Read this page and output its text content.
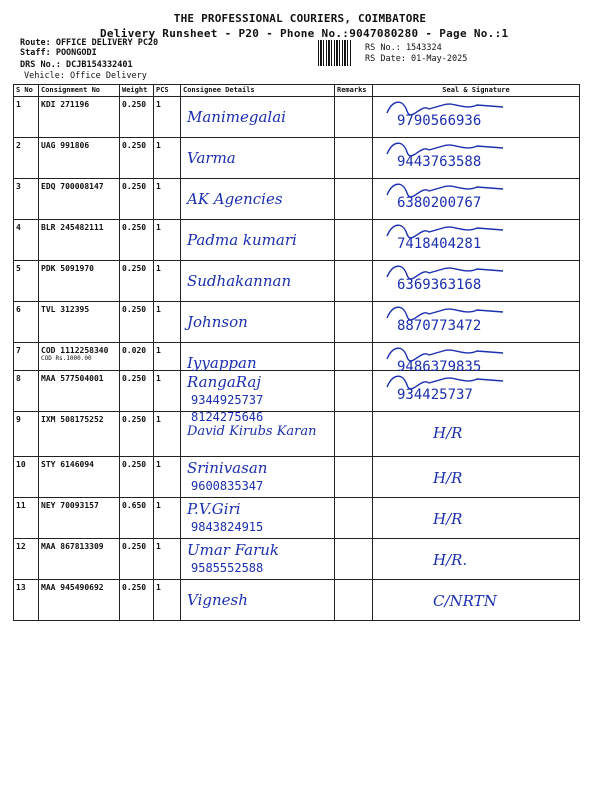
THE PROFESSIONAL COURIERS, COIMBATORE
Delivery Runsheet - P20 - Phone No.:9047080280 - Page No.:1
Route: OFFICE DELIVERY PC20
Staff: POONGODI
DRS No.: DCJB154332401
Vehicle: Office Delivery
RS No.: 1543324
RS Date: 01-May-2025
S No	Consignment No	Weight	PCS	Consignee Details	Remarks	Seal & Signature

1	KDI 271196	0.250	1	Manimegalai		9790566936

2	UAG 991806	0.250	1	Varma		9443763588

3	EDQ 700008147	0.250	1	AK Agencies		6380200767

4	BLR 245482111	0.250	1	Padma kumari		7418404281

5	PDK 5091970	0.250	1	Sudhakannan		6369363168

6	TVL 312395	0.250	1	Johnson		8870773472

7	COD 1112258340
COD Rs.1000.00	0.020	1	Iyyappan		9486379835

8	MAA 577504001	0.250	1	RangaRaj
9344925737		934425737

9	IXM 508175252	0.250	1	David Kirubs Karan
8124275646		H/R

10	STY 6146094	0.250	1	Srinivasan
9600835347		H/R

11	NEY 70093157	0.650	1	P.V.Giri
9843824915		H/R

12	MAA 867813309	0.250	1	Umar Faruk
9585552588		H/R.

13	MAA 945490692	0.250	1	Vignesh		C/NRTN
